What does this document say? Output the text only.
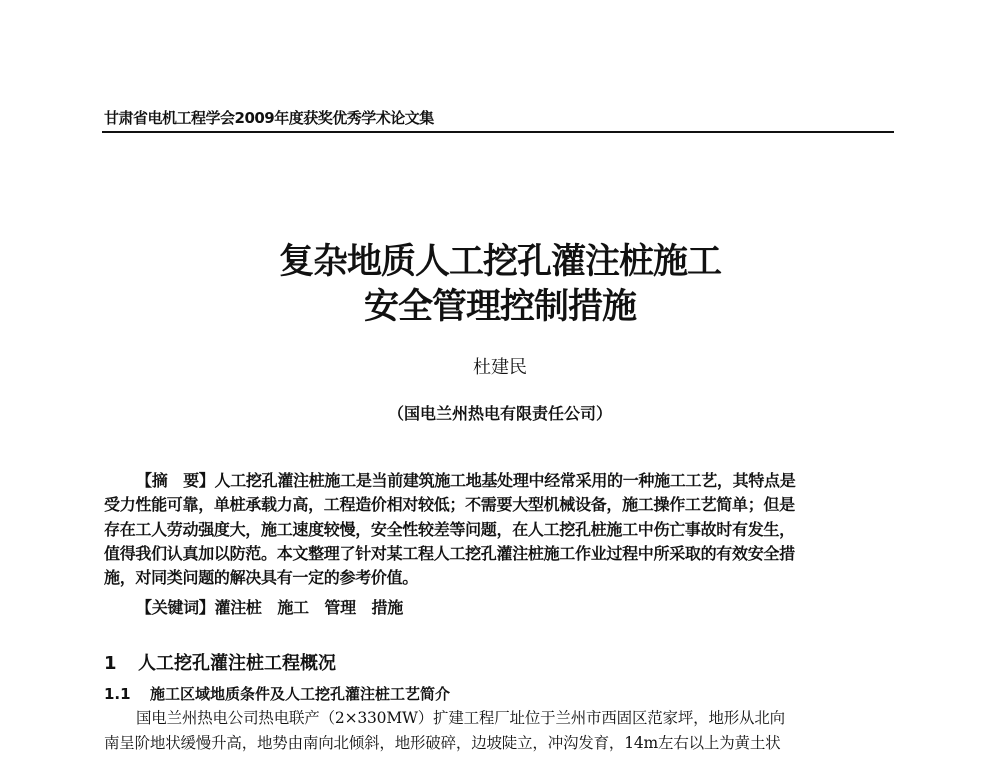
甘肃省电机工程学会2009年度获奖优秀学术论文集
复杂地质人工挖孔灌注桩施工
安全管理控制措施
杜建民
（国电兰州热电有限责任公司）
【摘　要】人工挖孔灌注桩施工是当前建筑施工地基处理中经常采用的一种施工工艺，其特点是
受力性能可靠，单桩承载力高，工程造价相对较低；不需要大型机械设备，施工操作工艺简单；但是
存在工人劳动强度大，施工速度较慢，安全性较差等问题，在人工挖孔桩施工中伤亡事故时有发生，
值得我们认真加以防范。本文整理了针对某工程人工挖孔灌注桩施工作业过程中所采取的有效安全措
施，对同类问题的解决具有一定的参考价值。
【关键词】灌注桩　施工　管理　措施
1 人工挖孔灌注桩工程概况
1.1 施工区域地质条件及人工挖孔灌注桩工艺简介
国电兰州热电公司热电联产（2×330MW）扩建工程厂址位于兰州市西固区范家坪，地形从北向
南呈阶地状缓慢升高，地势由南向北倾斜，地形破碎，边坡陡立，冲沟发育，14m左右以上为黄土状
